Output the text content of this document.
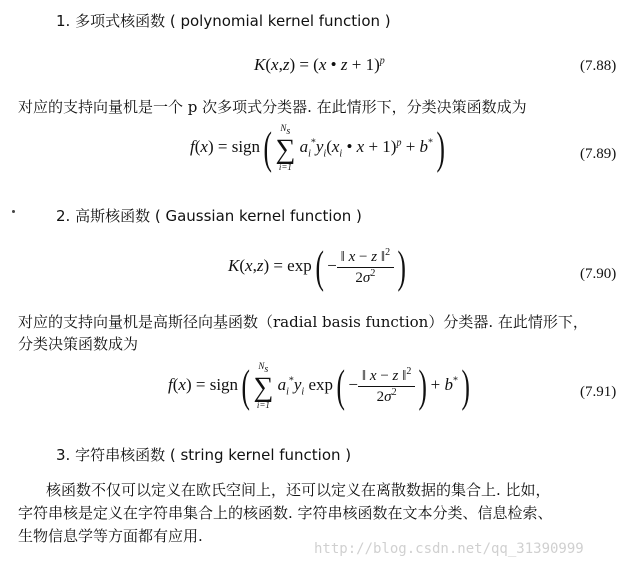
1. 多项式核函数 ( polynomial kernel function )
K(x,z) = (x • z + 1)$^p$	(7.88)
对应的支持向量机是一个 p 次多项式分类器. 在此情形下，分类决策函数成为
f(x) = sign( $N_s$
∑
i=1
$a_i^*y_i(x_i$ • x + 1)$^p$ + b*)	(7.89)
2. 高斯核函数 ( Gaussian kernel function )
$K(x,z) = \exp( - \frac{‖ x - z ‖^2}{2\sigma^2}$ )	(7.90)
对应的支持向量机是高斯径向基函数（radial basis function）分类器. 在此情形下，
分类决策函数成为
f(x) = sign( $N_s$
∑
i=1
$a_i^*y_i$ $\exp( - \frac{‖ x - z ‖^2}{2\sigma^2}$ ) + b*)	(7.91)
3. 字符串核函数 ( string kernel function )
核函数不仅可以定义在欧氏空间上，还可以定义在离散数据的集合上. 比如，
字符串核是定义在字符串集合上的核函数. 字符串核函数在文本分类、信息检索、
生物信息学等方面都有应用.
http://blog.csdn.net/qq_31390999
